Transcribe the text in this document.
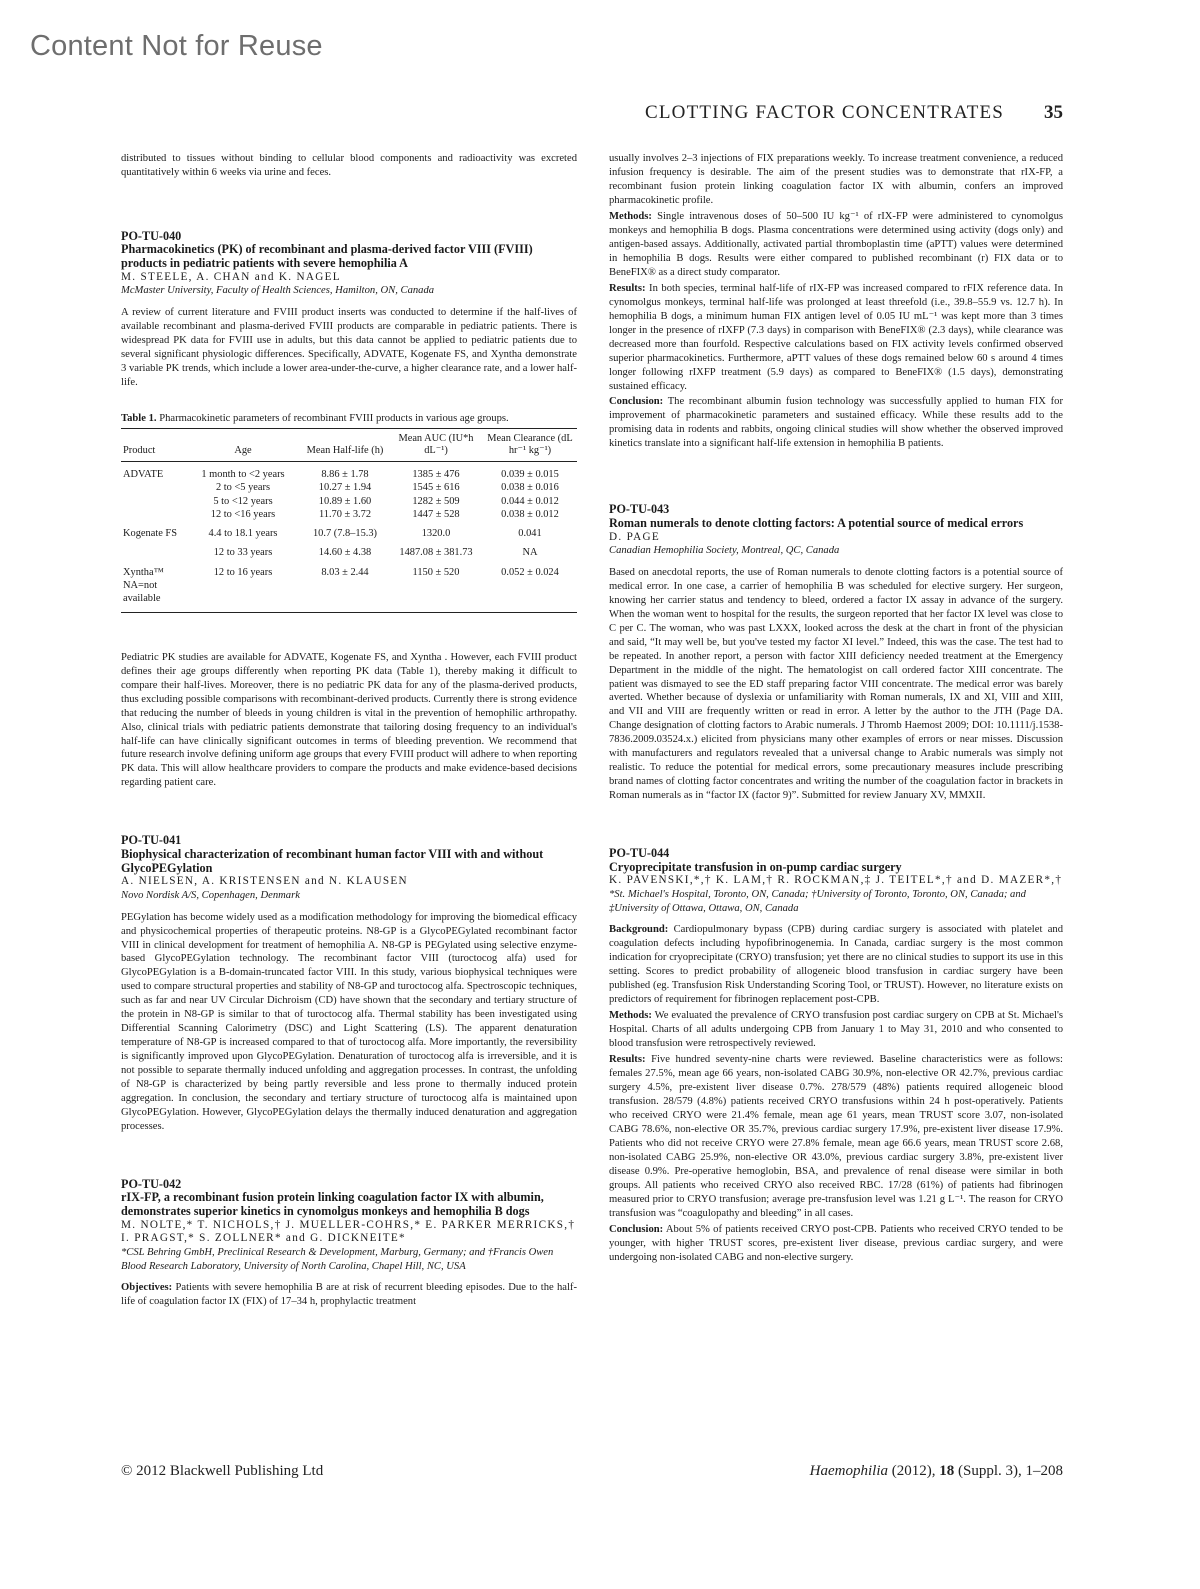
Content Not for Reuse
CLOTTING FACTOR CONCENTRATES 35

distributed to tissues without binding to cellular blood components and radioactivity was excreted quantitatively within 6 weeks via urine and feces.

PO-TU-040
Pharmacokinetics (PK) of recombinant and plasma-derived factor VIII (FVIII) products in pediatric patients with severe hemophilia A
M. STEELE, A. CHAN and K. NAGEL
McMaster University, Faculty of Health Sciences, Hamilton, ON, Canada

A review of current literature and FVIII product inserts was conducted to determine if the half-lives of available recombinant and plasma-derived FVIII products are comparable in pediatric patients. There is widespread PK data for FVIII use in adults, but this data cannot be applied to pediatric patients due to several significant physiologic differences. Specifically, ADVATE, Kogenate FS, and Xyntha demonstrate 3 variable PK trends, which include a lower area-under-the-curve, a higher clearance rate, and a lower half-life.

Table 1. Pharmacokinetic parameters of recombinant FVIII products in various age groups.
Product	Age	Mean Half-life (h)	Mean AUC (IU*h dL⁻¹)	Mean Clearance (dL hr⁻¹ kg⁻¹)
ADVATE	1 month to <2 years	8.86 ± 1.78	1385 ± 476	0.039 ± 0.015
	2 to <5 years	10.27 ± 1.94	1545 ± 616	0.038 ± 0.016
	5 to <12 years	10.89 ± 1.60	1282 ± 509	0.044 ± 0.012
	12 to <16 years	11.70 ± 3.72	1447 ± 528	0.038 ± 0.012
Kogenate FS	4.4 to 18.1 years	10.7 (7.8–15.3)	1320.0	0.041
	12 to 33 years	14.60 ± 4.38	1487.08 ± 381.73	NA
Xyntha™	12 to 16 years	8.03 ± 2.44	1150 ± 520	0.052 ± 0.024
NA=not available				

Pediatric PK studies are available for ADVATE, Kogenate FS, and Xyntha . However, each FVIII product defines their age groups differently when reporting PK data (Table 1), thereby making it difficult to compare their half-lives. Moreover, there is no pediatric PK data for any of the plasma-derived products, thus excluding possible comparisons with recombinant-derived products. Currently there is strong evidence that reducing the number of bleeds in young children is vital in the prevention of hemophilic arthropathy. Also, clinical trials with pediatric patients demonstrate that tailoring dosing frequency to an individual's half-life can have clinically significant outcomes in terms of bleeding prevention. We recommend that future research involve defining uniform age groups that every FVIII product will adhere to when reporting PK data. This will allow healthcare providers to compare the products and make evidence-based decisions regarding patient care.

PO-TU-041
Biophysical characterization of recombinant human factor VIII with and without GlycoPEGylation
A. NIELSEN, A. KRISTENSEN and N. KLAUSEN
Novo Nordisk A/S, Copenhagen, Denmark

PEGylation has become widely used as a modification methodology for improving the biomedical efficacy and physicochemical properties of therapeutic proteins. N8-GP is a GlycoPEGylated recombinant factor VIII in clinical development for treatment of hemophilia A. N8-GP is PEGylated using selective enzyme-based GlycoPEGylation technology. The recombinant factor VIII (turoctocog alfa) used for GlycoPEGylation is a B-domain-truncated factor VIII. In this study, various biophysical techniques were used to compare structural properties and stability of N8-GP and turoctocog alfa. Spectroscopic techniques, such as far and near UV Circular Dichroism (CD) have shown that the secondary and tertiary structure of the protein in N8-GP is similar to that of turoctocog alfa. Thermal stability has been investigated using Differential Scanning Calorimetry (DSC) and Light Scattering (LS). The apparent denaturation temperature of N8-GP is increased compared to that of turoctocog alfa. More importantly, the reversibility is significantly improved upon GlycoPEGylation. Denaturation of turoctocog alfa is irreversible, and it is not possible to separate thermally induced unfolding and aggregation processes. In contrast, the unfolding of N8-GP is characterized by being partly reversible and less prone to thermally induced protein aggregation. In conclusion, the secondary and tertiary structure of turoctocog alfa is maintained upon GlycoPEGylation. However, GlycoPEGylation delays the thermally induced denaturation and aggregation processes.

PO-TU-042
rIX-FP, a recombinant fusion protein linking coagulation factor IX with albumin, demonstrates superior kinetics in cynomolgus monkeys and hemophilia B dogs
M. NOLTE,* T. NICHOLS,† J. MUELLER-COHRS,* E. PARKER MERRICKS,† I. PRAGST,* S. ZOLLNER* and G. DICKNEITE*
*CSL Behring GmbH, Preclinical Research & Development, Marburg, Germany; and †Francis Owen Blood Research Laboratory, University of North Carolina, Chapel Hill, NC, USA

Objectives: Patients with severe hemophilia B are at risk of recurrent bleeding episodes. Due to the half-life of coagulation factor IX (FIX) of 17–34 h, prophylactic treatment

usually involves 2–3 injections of FIX preparations weekly. To increase treatment convenience, a reduced infusion frequency is desirable. The aim of the present studies was to demonstrate that rIX-FP, a recombinant fusion protein linking coagulation factor IX with albumin, confers an improved pharmacokinetic profile.

Methods: Single intravenous doses of 50–500 IU kg⁻¹ of rIX-FP were administered to cynomolgus monkeys and hemophilia B dogs. Plasma concentrations were determined using activity (dogs only) and antigen-based assays. Additionally, activated partial thromboplastin time (aPTT) values were determined in hemophilia B dogs. Results were either compared to published recombinant (r) FIX data or to BeneFIX® as a direct study comparator.

Results: In both species, terminal half-life of rIX-FP was increased compared to rFIX reference data. In cynomolgus monkeys, terminal half-life was prolonged at least threefold (i.e., 39.8–55.9 vs. 12.7 h). In hemophilia B dogs, a minimum human FIX antigen level of 0.05 IU mL⁻¹ was kept more than 3 times longer in the presence of rIXFP (7.3 days) in comparison with BeneFIX® (2.3 days), while clearance was decreased more than fourfold. Respective calculations based on FIX activity levels confirmed observed superior pharmacokinetics. Furthermore, aPTT values of these dogs remained below 60 s around 4 times longer following rIXFP treatment (5.9 days) as compared to BeneFIX® (1.5 days), demonstrating sustained efficacy.

Conclusion: The recombinant albumin fusion technology was successfully applied to human FIX for improvement of pharmacokinetic parameters and sustained efficacy. While these results add to the promising data in rodents and rabbits, ongoing clinical studies will show whether the observed improved kinetics translate into a significant half-life extension in hemophilia B patients.

PO-TU-043
Roman numerals to denote clotting factors: A potential source of medical errors
D. PAGE
Canadian Hemophilia Society, Montreal, QC, Canada

Based on anecdotal reports, the use of Roman numerals to denote clotting factors is a potential source of medical error. In one case, a carrier of hemophilia B was scheduled for elective surgery. Her surgeon, knowing her carrier status and tendency to bleed, ordered a factor IX assay in advance of the surgery. When the woman went to hospital for the results, the surgeon reported that her factor IX level was close to C per C. The woman, who was past LXXX, looked across the desk at the chart in front of the physician and said, “It may well be, but you've tested my factor XI level.” Indeed, this was the case. The test had to be repeated. In another report, a person with factor XIII deficiency needed treatment at the Emergency Department in the middle of the night. The hematologist on call ordered factor XIII concentrate. The patient was dismayed to see the ED staff preparing factor VIII concentrate. The medical error was barely averted. Whether because of dyslexia or unfamiliarity with Roman numerals, IX and XI, VIII and XIII, and VII and VIII are frequently written or read in error. A letter by the author to the JTH (Page DA. Change designation of clotting factors to Arabic numerals. J Thromb Haemost 2009; DOI: 10.1111/j.1538-7836.2009.03524.x.) elicited from physicians many other examples of errors or near misses. Discussion with manufacturers and regulators revealed that a universal change to Arabic numerals was simply not realistic. To reduce the potential for medical errors, some precautionary measures include prescribing brand names of clotting factor concentrates and writing the number of the coagulation factor in brackets in Roman numerals as in “factor IX (factor 9)”. Submitted for review January XV, MMXII.

PO-TU-044
Cryoprecipitate transfusion in on-pump cardiac surgery
K. PAVENSKI,*,† K. LAM,† R. ROCKMAN,‡ J. TEITEL*,† and D. MAZER*,†
*St. Michael's Hospital, Toronto, ON, Canada; †University of Toronto, Toronto, ON, Canada; and ‡University of Ottawa, Ottawa, ON, Canada

Background: Cardiopulmonary bypass (CPB) during cardiac surgery is associated with platelet and coagulation defects including hypofibrinogenemia. In Canada, cardiac surgery is the most common indication for cryoprecipitate (CRYO) transfusion; yet there are no clinical studies to support its use in this setting. Scores to predict probability of allogeneic blood transfusion in cardiac surgery have been published (eg. Transfusion Risk Understanding Scoring Tool, or TRUST). However, no literature exists on predictors of requirement for fibrinogen replacement post-CPB.

Methods: We evaluated the prevalence of CRYO transfusion post cardiac surgery on CPB at St. Michael's Hospital. Charts of all adults undergoing CPB from January 1 to May 31, 2010 and who consented to blood transfusion were retrospectively reviewed.

Results: Five hundred seventy-nine charts were reviewed. Baseline characteristics were as follows: females 27.5%, mean age 66 years, non-isolated CABG 30.9%, non-elective OR 42.7%, previous cardiac surgery 4.5%, pre-existent liver disease 0.7%. 278/579 (48%) patients required allogeneic blood transfusion. 28/579 (4.8%) patients received CRYO transfusions within 24 h post-operatively. Patients who received CRYO were 21.4% female, mean age 61 years, mean TRUST score 3.07, non-isolated CABG 78.6%, non-elective OR 35.7%, previous cardiac surgery 17.9%, pre-existent liver disease 17.9%. Patients who did not receive CRYO were 27.8% female, mean age 66.6 years, mean TRUST score 2.68, non-isolated CABG 25.9%, non-elective OR 43.0%, previous cardiac surgery 3.8%, pre-existent liver disease 0.9%. Pre-operative hemoglobin, BSA, and prevalence of renal disease were similar in both groups. All patients who received CRYO also received RBC. 17/28 (61%) of patients had fibrinogen measured prior to CRYO transfusion; average pre-transfusion level was 1.21 g L⁻¹. The reason for CRYO transfusion was “coagulopathy and bleeding” in all cases.

Conclusion: About 5% of patients received CRYO post-CPB. Patients who received CRYO tended to be younger, with higher TRUST scores, pre-existent liver disease, previous cardiac surgery, and were undergoing non-isolated CABG and non-elective surgery.

© 2012 Blackwell Publishing Ltd	Haemophilia (2012), 18 (Suppl. 3), 1–208
